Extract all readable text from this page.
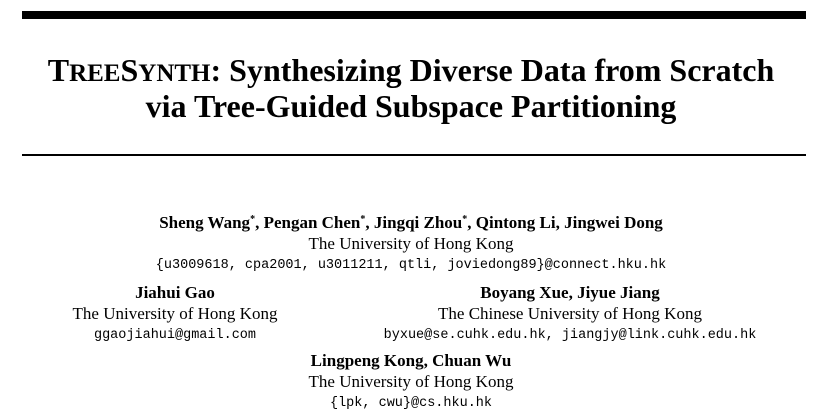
TREESYNTH: Synthesizing Diverse Data from Scratch
via Tree-Guided Subspace Partitioning
Sheng Wang*, Pengan Chen*, Jingqi Zhou*, Qintong Li, Jingwei Dong
The University of Hong Kong
{u3009618, cpa2001, u3011211, qtli, joviedong89}@connect.hku.hk
Jiahui Gao
The University of Hong Kong
ggaojiahui@gmail.com
Boyang Xue, Jiyue Jiang
The Chinese University of Hong Kong
byxue@se.cuhk.edu.hk, jiangjy@link.cuhk.edu.hk
Lingpeng Kong, Chuan Wu
The University of Hong Kong
{lpk, cwu}@cs.hku.hk
